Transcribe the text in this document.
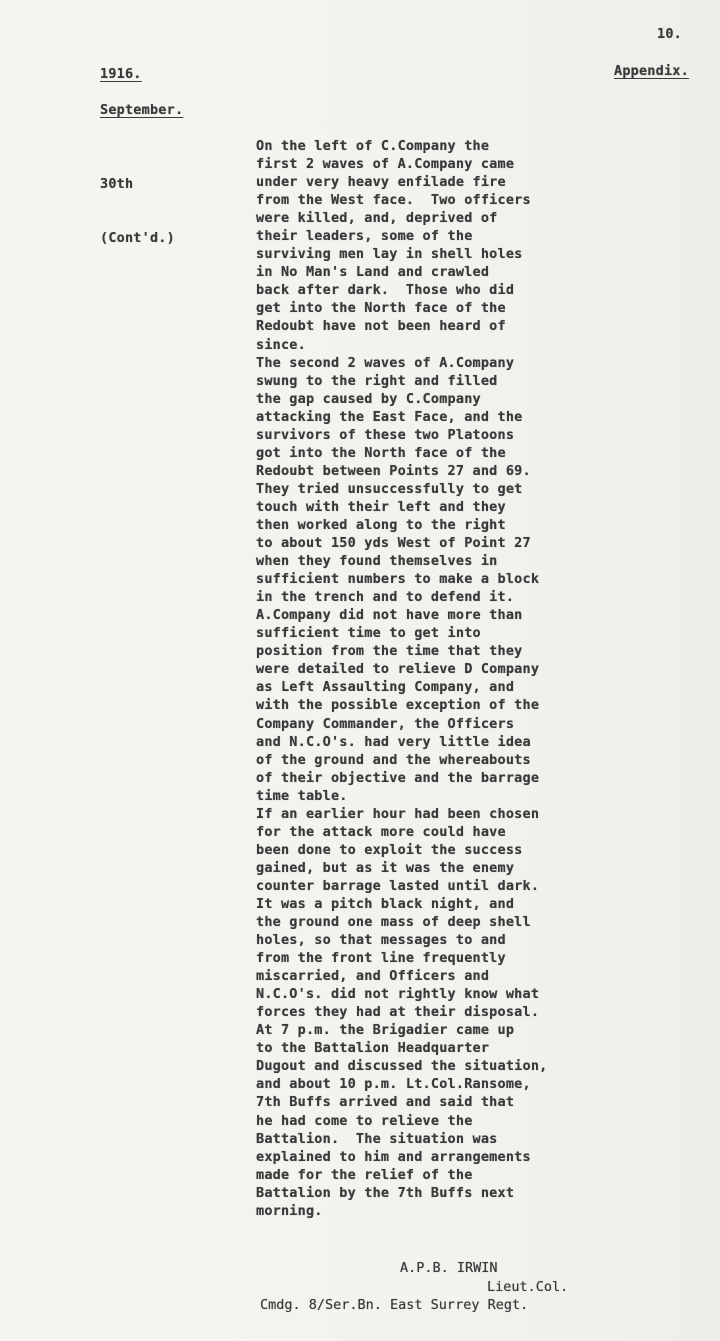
10.
1916.	Appendix.
September.

30th

(Cont'd.)

On the left of C.Company the
first 2 waves of A.Company came
under very heavy enfilade fire
from the West face.  Two officers
were killed, and, deprived of
their leaders, some of the
surviving men lay in shell holes
in No Man's Land and crawled
back after dark.  Those who did
get into the North face of the
Redoubt have not been heard of
since.
The second 2 waves of A.Company
swung to the right and filled
the gap caused by C.Company
attacking the East Face, and the
survivors of these two Platoons
got into the North face of the
Redoubt between Points 27 and 69.
They tried unsuccessfully to get
touch with their left and they
then worked along to the right
to about 150 yds West of Point 27
when they found themselves in
sufficient numbers to make a block
in the trench and to defend it.
A.Company did not have more than
sufficient time to get into
position from the time that they
were detailed to relieve D Company
as Left Assaulting Company, and
with the possible exception of the
Company Commander, the Officers
and N.C.O's. had very little idea
of the ground and the whereabouts
of their objective and the barrage
time table.
If an earlier hour had been chosen
for the attack more could have
been done to exploit the success
gained, but as it was the enemy
counter barrage lasted until dark.
It was a pitch black night, and
the ground one mass of deep shell
holes, so that messages to and
from the front line frequently
miscarried, and Officers and
N.C.O's. did not rightly know what
forces they had at their disposal.
At 7 p.m. the Brigadier came up
to the Battalion Headquarter
Dugout and discussed the situation,
and about 10 p.m. Lt.Col.Ransome,
7th Buffs arrived and said that
he had come to relieve the
Battalion.  The situation was
explained to him and arrangements
made for the relief of the
Battalion by the 7th Buffs next
morning.
A.P.B. IRWIN
Lieut.Col.
Cmdg. 8/Ser.Bn. East Surrey Regt.
